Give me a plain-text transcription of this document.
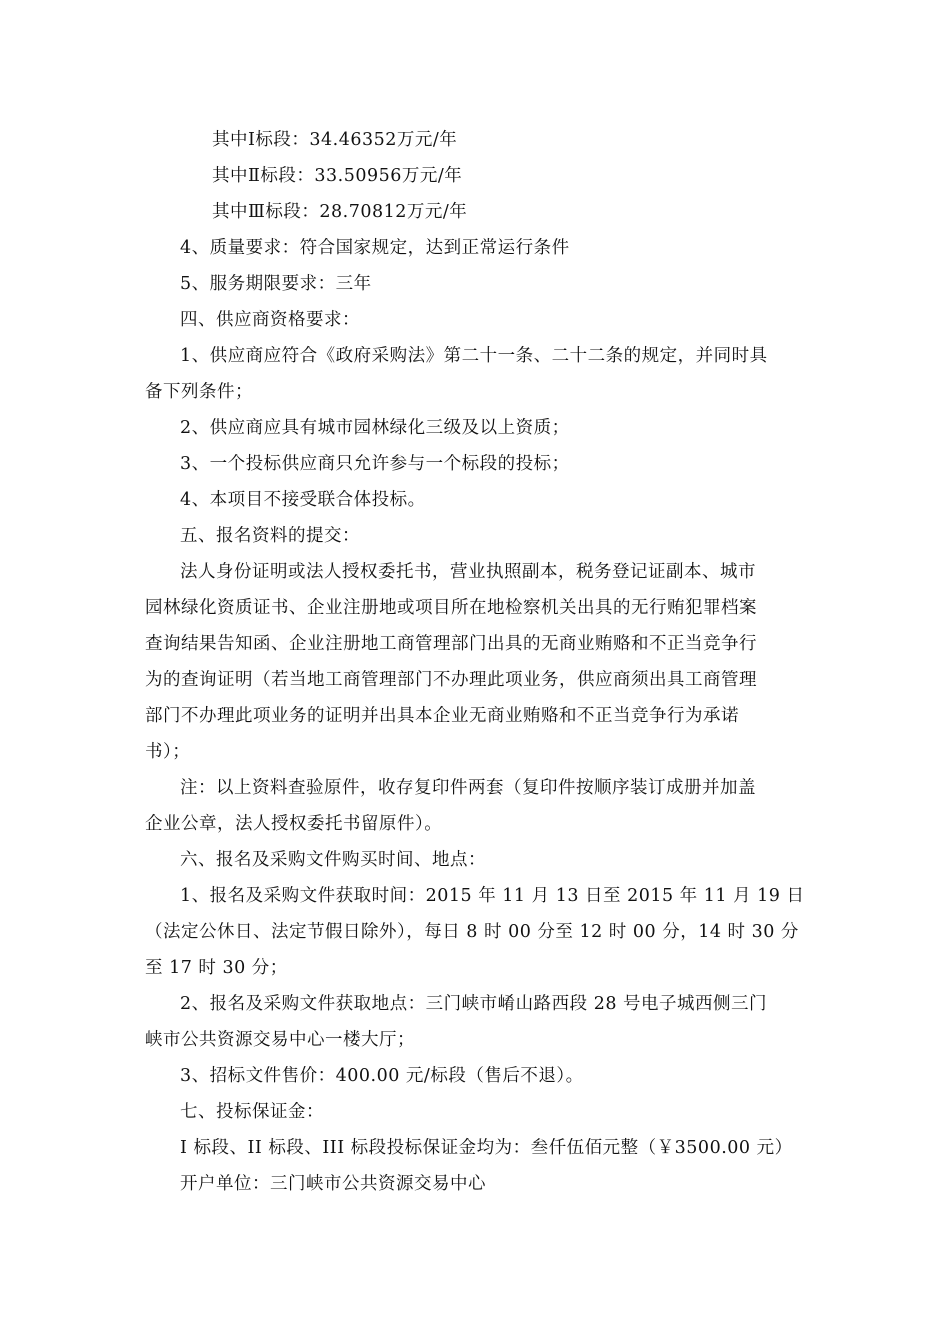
其中Ⅰ标段：34.46352万元/年

其中Ⅱ标段：33.50956万元/年

其中Ⅲ标段：28.70812万元/年

4、质量要求：符合国家规定，达到正常运行条件

5、服务期限要求：三年

四、供应商资格要求：

1、供应商应符合《政府采购法》第二十一条、二十二条的规定，并同时具
备下列条件；

2、供应商应具有城市园林绿化三级及以上资质；

3、一个投标供应商只允许参与一个标段的投标；

4、本项目不接受联合体投标。

五、报名资料的提交：

法人身份证明或法人授权委托书，营业执照副本，税务登记证副本、城市
园林绿化资质证书、企业注册地或项目所在地检察机关出具的无行贿犯罪档案
查询结果告知函、企业注册地工商管理部门出具的无商业贿赂和不正当竞争行
为的查询证明（若当地工商管理部门不办理此项业务，供应商须出具工商管理
部门不办理此项业务的证明并出具本企业无商业贿赂和不正当竞争行为承诺
书）；
注：以上资料查验原件，收存复印件两套（复印件按顺序装订成册并加盖
企业公章，法人授权委托书留原件）。

六、报名及采购文件购买时间、地点：

1、报名及采购文件获取时间：2015 年 11 月 13 日至 2015 年 11 月 19 日
（法定公休日、法定节假日除外），每日 8 时 00 分至 12 时 00 分，14 时 30 分
至 17 时 30 分；
2、报名及采购文件获取地点：三门峡市崤山路西段 28 号电子城西侧三门
峡市公共资源交易中心一楼大厅；

3、招标文件售价：400.00 元/标段（售后不退）。

七、投标保证金：

I 标段、II 标段、III 标段投标保证金均为：叁仟伍佰元整（￥3500.00 元）

开户单位：三门峡市公共资源交易中心
